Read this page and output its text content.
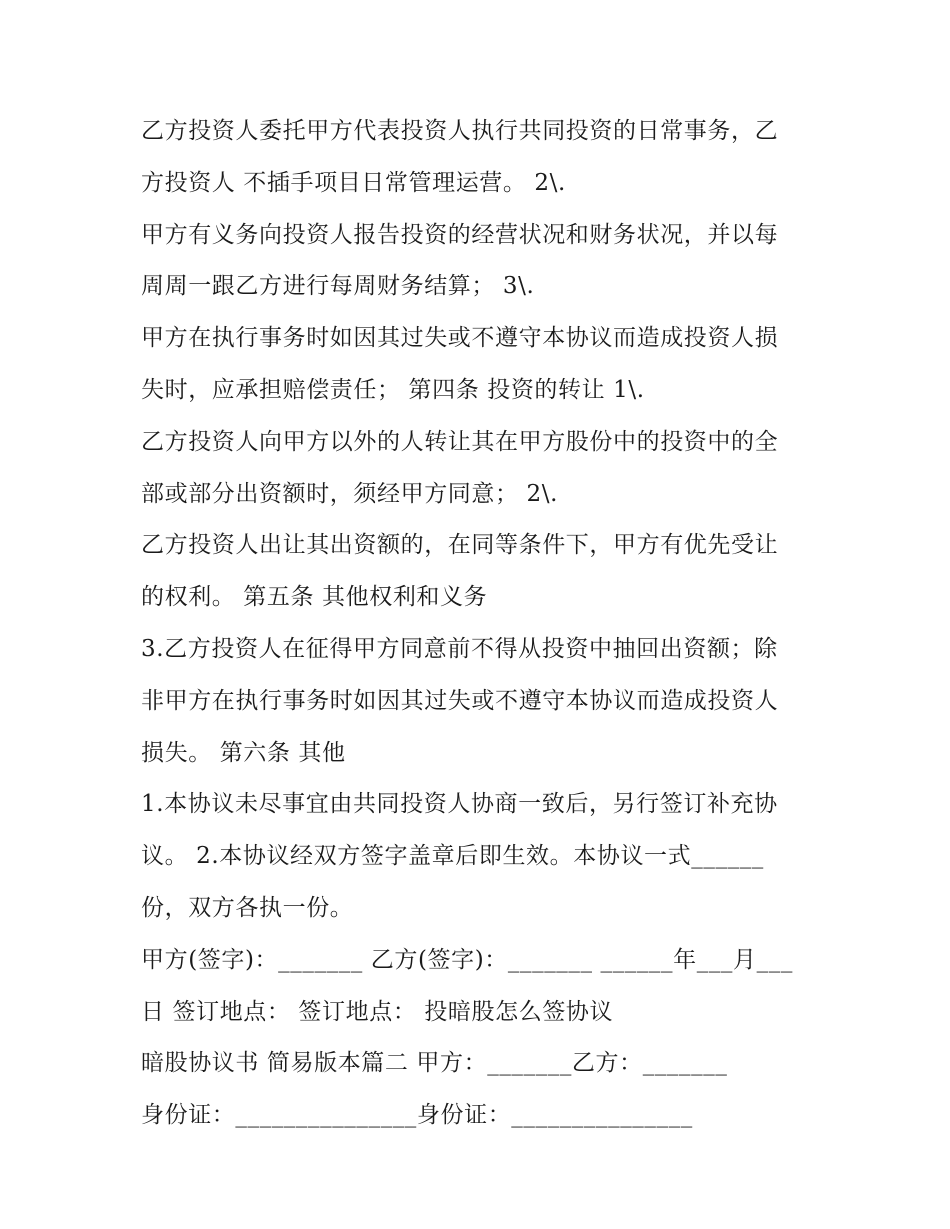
乙方投资人委托甲方代表投资人执行共同投资的日常事务，乙
方投资人 不插手项目日常管理运营。 2\.
甲方有义务向投资人报告投资的经营状况和财务状况，并以每
周周一跟乙方进行每周财务结算； 3\.
甲方在执行事务时如因其过失或不遵守本协议而造成投资人损
失时，应承担赔偿责任； 第四条 投资的转让 1\.
乙方投资人向甲方以外的人转让其在甲方股份中的投资中的全
部或部分出资额时，须经甲方同意； 2\.
乙方投资人出让其出资额的，在同等条件下，甲方有优先受让
的权利。 第五条 其他权利和义务
3.乙方投资人在征得甲方同意前不得从投资中抽回出资额；除
非甲方在执行事务时如因其过失或不遵守本协议而造成投资人
损失。 第六条 其他
1.本协议未尽事宜由共同投资人协商一致后，另行签订补充协
议。 2.本协议经双方签字盖章后即生效。本协议一式______
份，双方各执一份。
甲方(签字)：_______ 乙方(签字)：_______ ______年___月___
日 签订地点： 签订地点： 投暗股怎么签协议
暗股协议书 简易版本篇二 甲方：_______乙方：_______
身份证：_______________身份证：_______________
